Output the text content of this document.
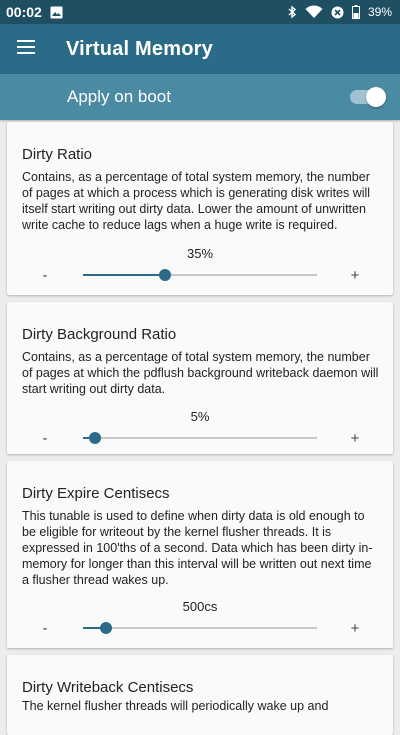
00:02	39%
Virtual Memory
Apply on boot
Dirty Ratio
Contains, as a percentage of total system memory, the number of pages at which a process which is generating disk writes will itself start writing out dirty data. Lower the amount of unwritten write cache to reduce lags when a huge write is required.
35%
-	+
Dirty Background Ratio
Contains, as a percentage of total system memory, the number of pages at which the pdflush background writeback daemon will start writing out dirty data.
5%
-	+
Dirty Expire Centisecs
This tunable is used to define when dirty data is old enough to be eligible for writeout by the kernel flusher threads. It is expressed in 100'ths of a second. Data which has been dirty in-memory for longer than this interval will be written out next time a flusher thread wakes up.
500cs
-	+
Dirty Writeback Centisecs
The kernel flusher threads will periodically wake up and
